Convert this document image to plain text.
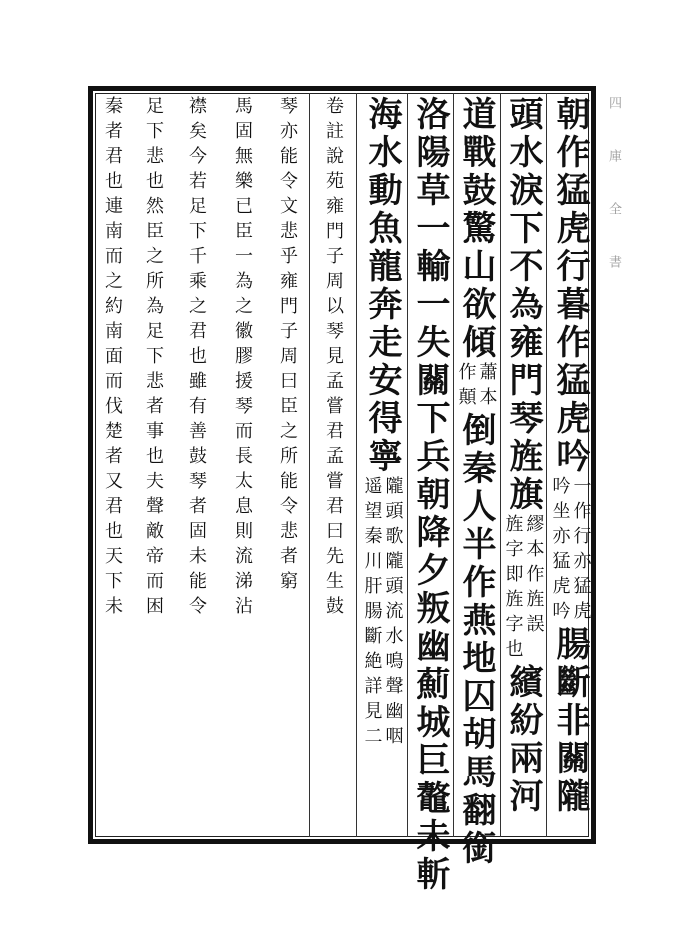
四庫全書
朝作猛虎行暮作猛虎吟
一作行亦猛虎
吟坐亦猛虎吟
腸斷非關隴
頭水淚下不為雍門琴旌旗
繆本作旌誤
旌字即旌字也
繽紛兩河
道戰鼓驚山欲傾
蕭本
作顛
倒秦人半作燕地囚胡馬翻銜
洛陽草一輸一失關下兵朝降夕叛幽薊城巨鼇未斬
海水動魚龍奔走安得寧
隴頭歌隴頭流水鳴聲幽咽
遥望秦川肝腸斷絶詳見二
卷註說苑雍門子周以琴見孟嘗君孟嘗君曰先生鼓
琴亦能令文悲乎雍門子周曰臣之所能令悲者窮
馬固無樂已臣一為之徽膠援琴而長太息則流涕沾
襟矣今若足下千乘之君也雖有善鼓琴者固未能令
足下悲也然臣之所為足下悲者事也夫聲敵帝而困
秦者君也連南而之約南面而伐楚者又君也天下未
